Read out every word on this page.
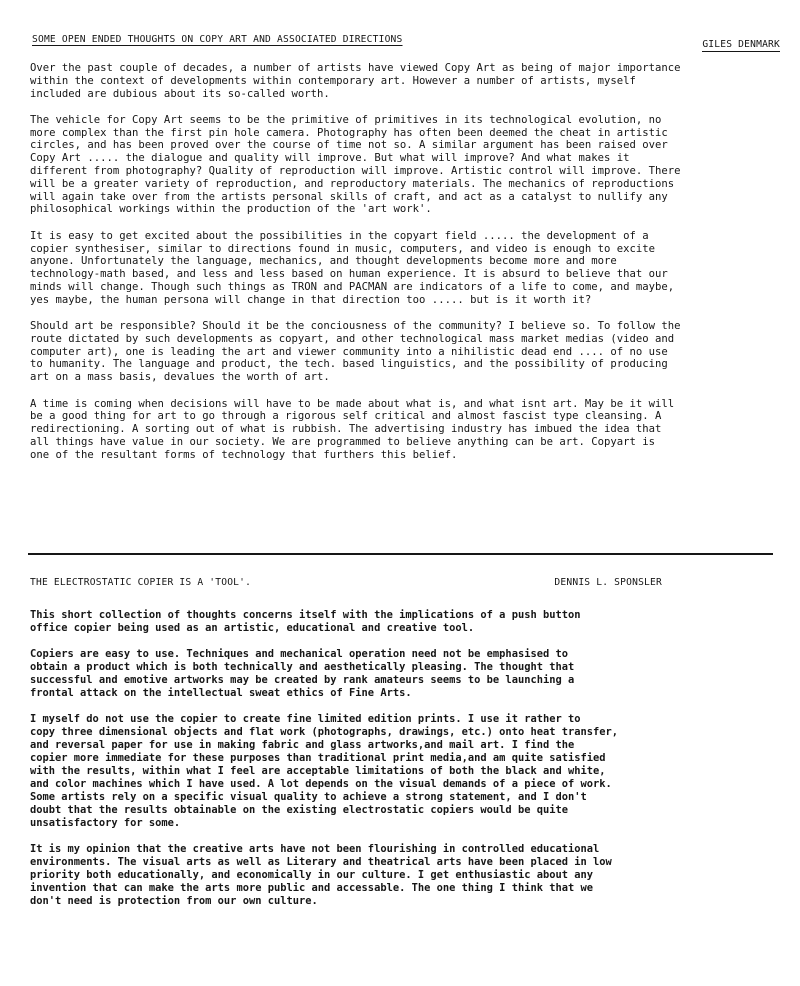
SOME OPEN ENDED THOUGHTS ON COPY ART AND ASSOCIATED DIRECTIONS	GILES DENMARK

Over the past couple of decades, a number of artists have viewed Copy Art as being of major importance
within the context of developments within contemporary art. However a number of artists, myself
included are dubious about its so-called worth.

The vehicle for Copy Art seems to be the primitive of primitives in its technological evolution, no
more complex than the first pin hole camera. Photography has often been deemed the cheat in artistic
circles, and has been proved over the course of time not so. A similar argument has been raised over
Copy Art ..... the dialogue and quality will improve. But what will improve? And what makes it
different from photography? Quality of reproduction will improve. Artistic control will improve. There
will be a greater variety of reproduction, and reproductory materials. The mechanics of reproductions
will again take over from the artists personal skills of craft, and act as a catalyst to nullify any
philosophical workings within the production of the 'art work'.

It is easy to get excited about the possibilities in the copyart field ..... the development of a
copier synthesiser, similar to directions found in music, computers, and video is enough to excite
anyone. Unfortunately the language, mechanics, and thought developments become more and more
technology-math based, and less and less based on human experience. It is absurd to believe that our
minds will change. Though such things as TRON and PACMAN are indicators of a life to come, and maybe,
yes maybe, the human persona will change in that direction too ..... but is it worth it?

Should art be responsible? Should it be the conciousness of the community? I believe so. To follow the
route dictated by such developments as copyart, and other technological mass market medias (video and
computer art), one is leading the art and viewer community into a nihilistic dead end .... of no use
to humanity. The language and product, the tech. based linguistics, and the possibility of producing
art on a mass basis, devalues the worth of art.

A time is coming when decisions will have to be made about what is, and what isnt art. May be it will
be a good thing for art to go through a rigorous self critical and almost fascist type cleansing. A
redirectioning. A sorting out of what is rubbish. The advertising industry has imbued the idea that
all things have value in our society. We are programmed to believe anything can be art. Copyart is
one of the resultant forms of technology that furthers this belief.

THE ELECTROSTATIC COPIER IS A 'TOOL'.	DENNIS L. SPONSLER

This short collection of thoughts concerns itself with the implications of a push button
office copier being used as an artistic, educational and creative tool.

Copiers are easy to use. Techniques and mechanical operation need not be emphasised to
obtain a product which is both technically and aesthetically pleasing. The thought that
successful and emotive artworks may be created by rank amateurs seems to be launching a
frontal attack on the intellectual sweat ethics of Fine Arts.

I myself do not use the copier to create fine limited edition prints. I use it rather to
copy three dimensional objects and flat work (photographs, drawings, etc.) onto heat transfer,
and reversal paper for use in making fabric and glass artworks,and mail art. I find the
copier more immediate for these purposes than traditional print media,and am quite satisfied
with the results, within what I feel are acceptable limitations of both the black and white,
and color machines which I have used. A lot depends on the visual demands of a piece of work.
Some artists rely on a specific visual quality to achieve a strong statement, and I don't
doubt that the results obtainable on the existing electrostatic copiers would be quite
unsatisfactory for some.

It is my opinion that the creative arts have not been flourishing in controlled educational
environments. The visual arts as well as Literary and theatrical arts have been placed in low
priority both educationally, and economically in our culture. I get enthusiastic about any
invention that can make the arts more public and accessable. The one thing I think that we
don't need is protection from our own culture.
